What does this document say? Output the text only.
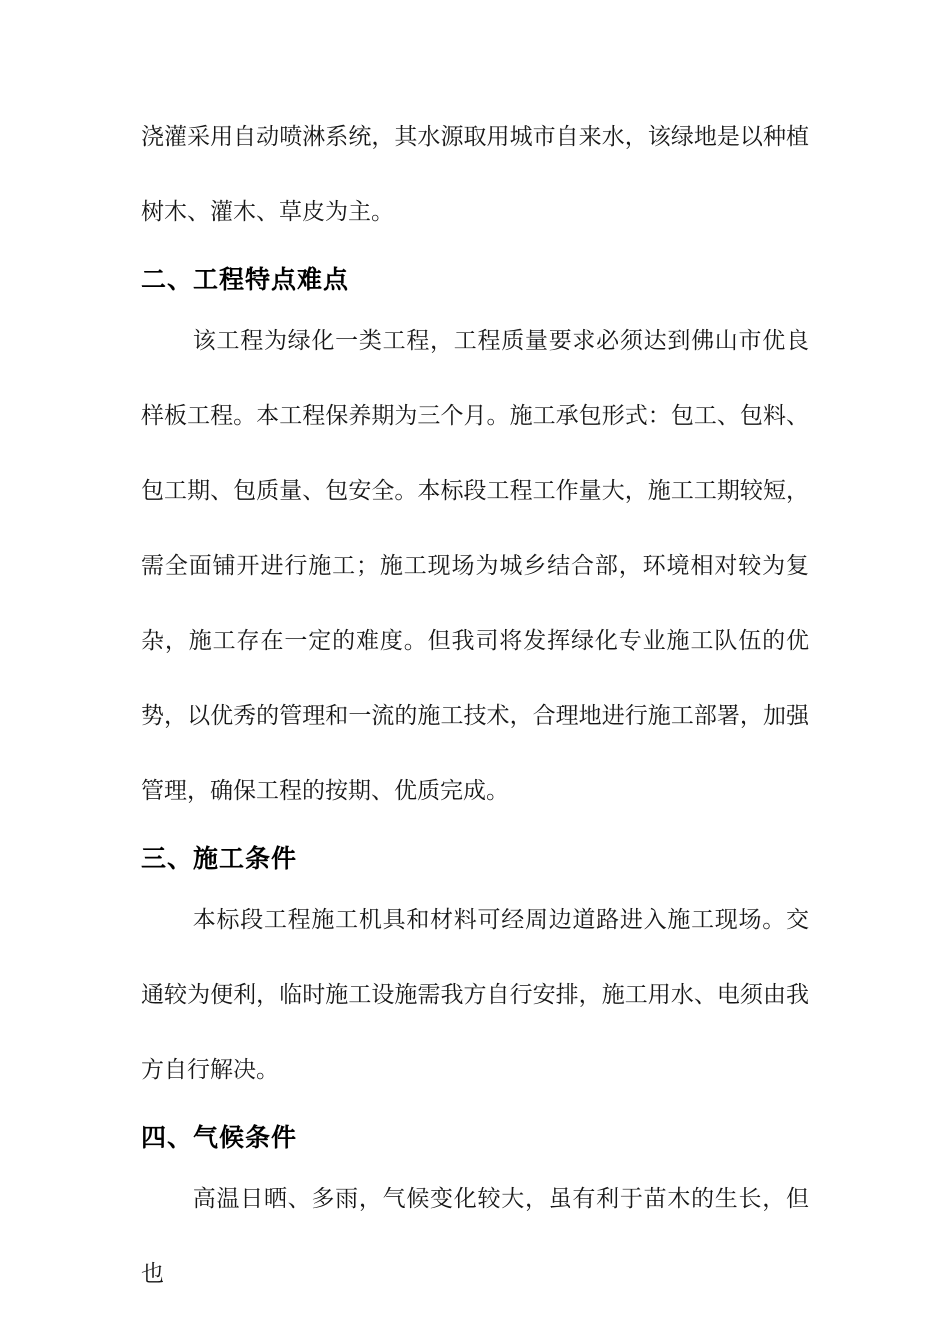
浇灌采用自动喷淋系统，其水源取用城市自来水，该绿地是以种植树木、灌木、草皮为主。

二、工程特点难点

该工程为绿化一类工程，工程质量要求必须达到佛山市优良样板工程。本工程保养期为三个月。施工承包形式：包工、包料、包工期、包质量、包安全。本标段工程工作量大，施工工期较短，需全面铺开进行施工；施工现场为城乡结合部，环境相对较为复杂，施工存在一定的难度。但我司将发挥绿化专业施工队伍的优势，以优秀的管理和一流的施工技术，合理地进行施工部署，加强管理，确保工程的按期、优质完成。

三、施工条件

本标段工程施工机具和材料可经周边道路进入施工现场。交通较为便利，临时施工设施需我方自行安排，施工用水、电须由我方自行解决。

四、气候条件

高温日晒、多雨，气候变化较大，虽有利于苗木的生长，但也
